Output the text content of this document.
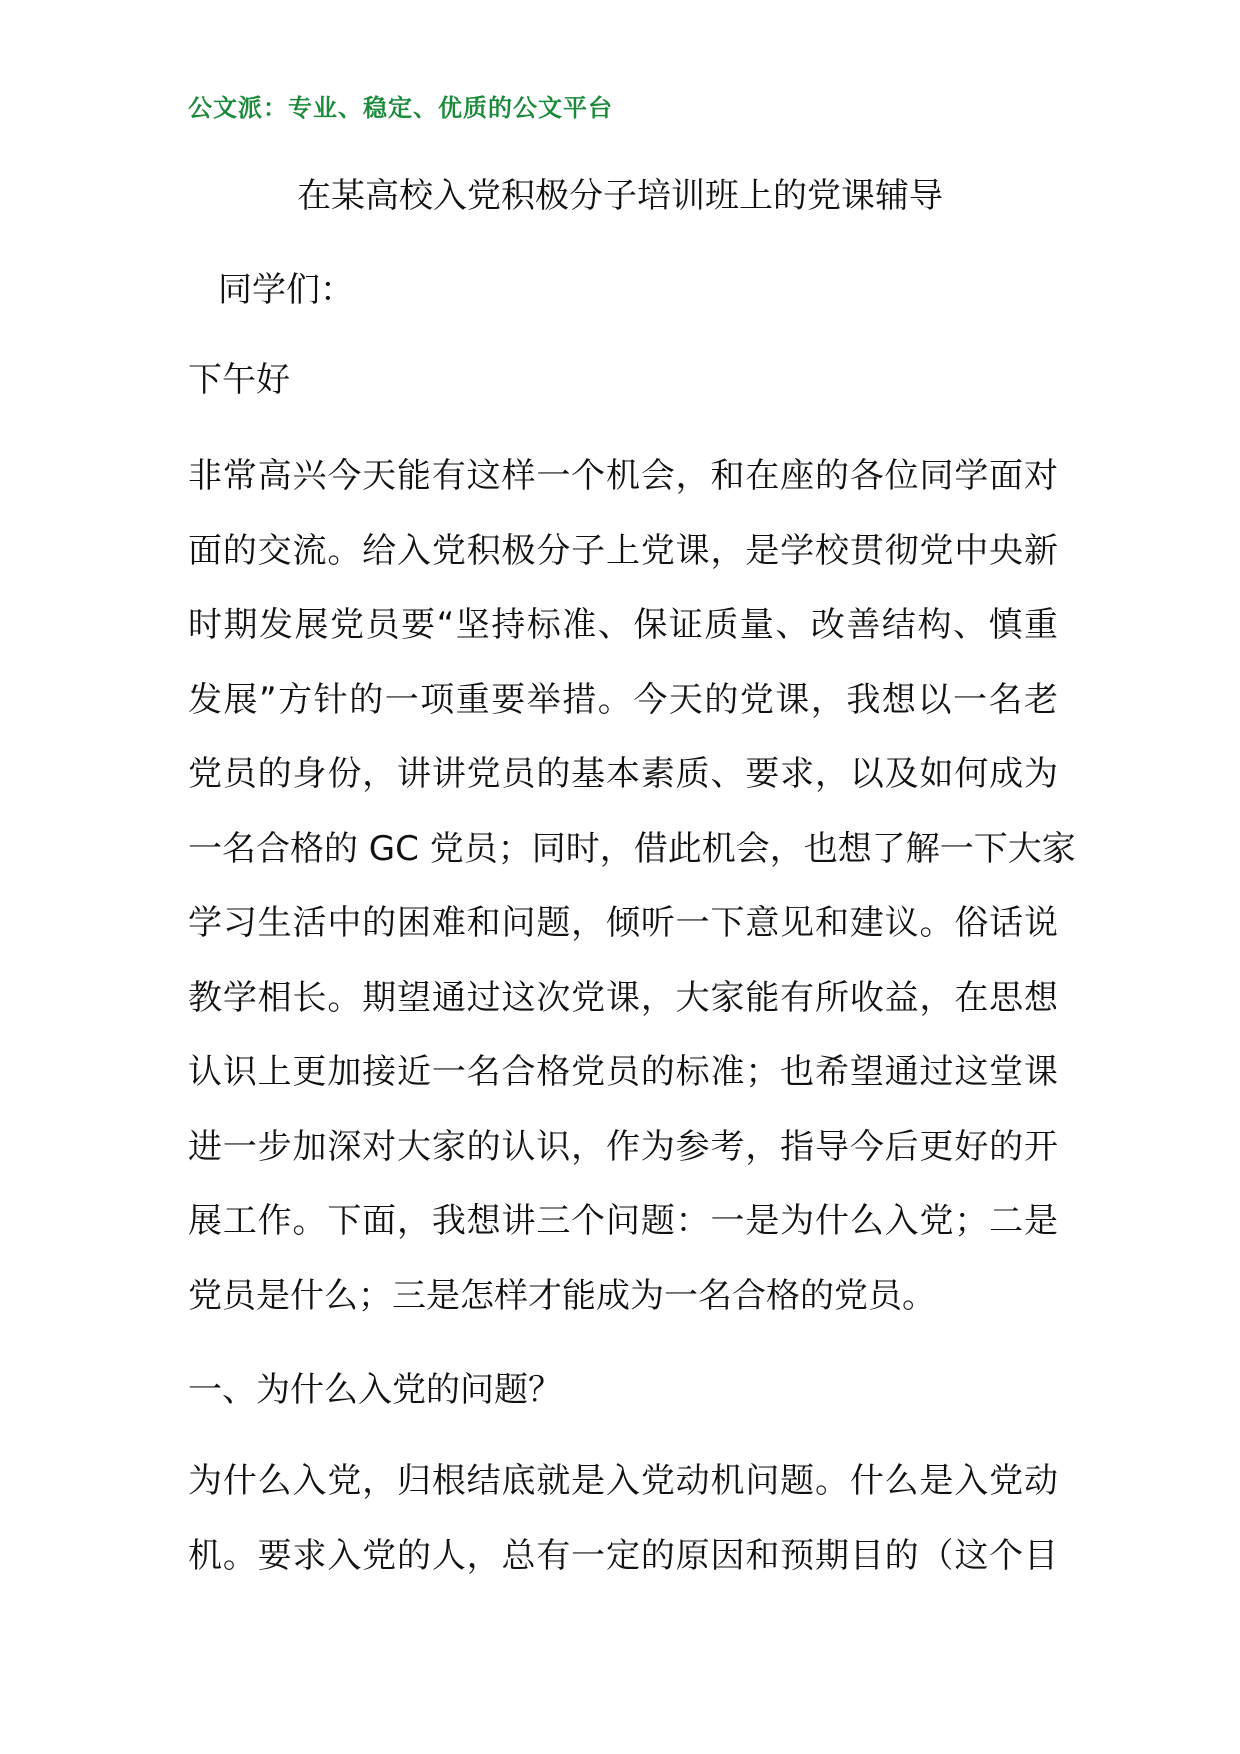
公文派：专业、稳定、优质的公文平台
在某高校入党积极分子培训班上的党课辅导
同学们：
下午好
非常高兴今天能有这样一个机会，和在座的各位同学面对
面的交流。给入党积极分子上党课，是学校贯彻党中央新
时期发展党员要“坚持标准、保证质量、改善结构、慎重
发展”方针的一项重要举措。今天的党课，我想以一名老
党员的身份，讲讲党员的基本素质、要求，以及如何成为
一名合格的 GC 党员；同时，借此机会，也想了解一下大家
学习生活中的困难和问题，倾听一下意见和建议。俗话说
教学相长。期望通过这次党课，大家能有所收益，在思想
认识上更加接近一名合格党员的标准；也希望通过这堂课
进一步加深对大家的认识，作为参考，指导今后更好的开
展工作。下面，我想讲三个问题：一是为什么入党；二是
党员是什么；三是怎样才能成为一名合格的党员。
一、为什么入党的问题？
为什么入党，归根结底就是入党动机问题。什么是入党动
机。要求入党的人，总有一定的原因和预期目的（这个目
